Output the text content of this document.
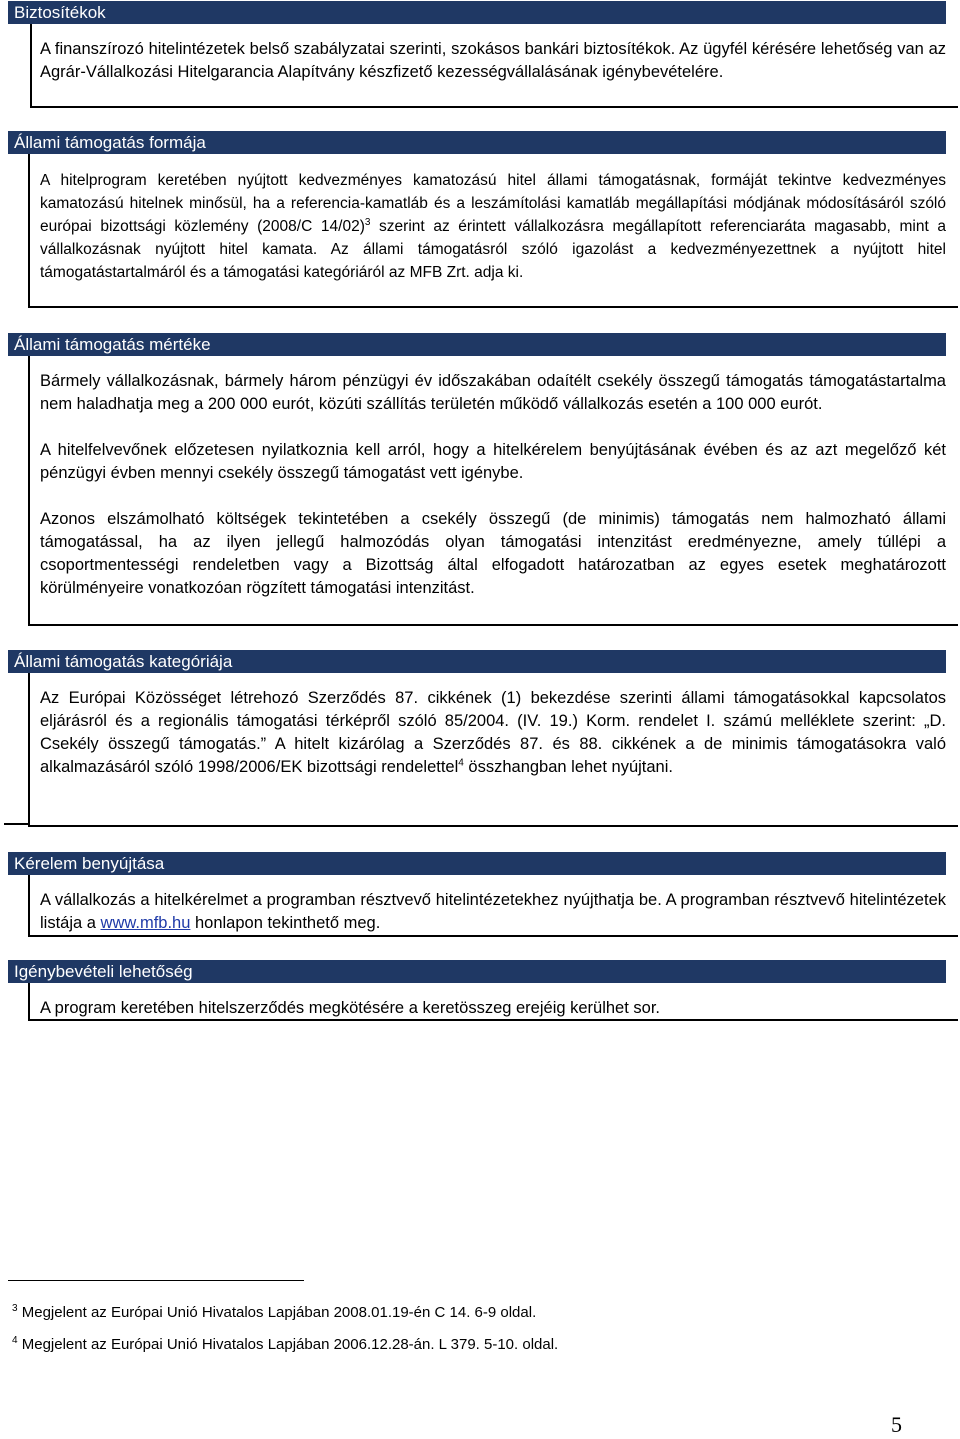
Biztosítékok

A finanszírozó hitelintézetek belső szabályzatai szerinti, szokásos bankári biztosítékok. Az ügyfél kérésére lehetőség van az Agrár-Vállalkozási Hitelgarancia Alapítvány készfizető kezességvállalásának igénybevételére.

Állami támogatás formája

A hitelprogram keretében nyújtott kedvezményes kamatozású hitel állami támogatásnak, formáját tekintve kedvezményes kamatozású hitelnek minősül, ha a referencia-kamatláb és a leszámítolási kamatláb megállapítási módjának módosításáról szóló európai bizottsági közlemény (2008/C 14/02)$^3$ szerint az érintett vállalkozásra megállapított referenciaráta magasabb, mint a vállalkozásnak nyújtott hitel kamata. Az állami támogatásról szóló igazolást a kedvezményezettnek a nyújtott hitel támogatástartalmáról és a támogatási kategóriáról az MFB Zrt. adja ki.

Állami támogatás mértéke

Bármely vállalkozásnak, bármely három pénzügyi év időszakában odaítélt csekély összegű támogatás támogatástartalma nem haladhatja meg a 200 000 eurót, közúti szállítás területén működő vállalkozás esetén a 100 000 eurót.

A hitelfelvevőnek előzetesen nyilatkoznia kell arról, hogy a hitelkérelem benyújtásának évében és az azt megelőző két pénzügyi évben mennyi csekély összegű támogatást vett igénybe.

Azonos elszámolható költségek tekintetében a csekély összegű (de minimis) támogatás nem halmozható állami támogatással, ha az ilyen jellegű halmozódás olyan támogatási intenzitást eredményezne, amely túllépi a csoportmentességi rendeletben vagy a Bizottság által elfogadott határozatban az egyes esetek meghatározott körülményeire vonatkozóan rögzített támogatási intenzitást.

Állami támogatás kategóriája

Az Európai Közösséget létrehozó Szerződés 87. cikkének (1) bekezdése szerinti állami támogatásokkal kapcsolatos eljárásról és a regionális támogatási térképről szóló 85/2004. (IV. 19.) Korm. rendelet I. számú melléklete szerint: „D. Csekély összegű támogatás.” A hitelt kizárólag a Szerződés 87. és 88. cikkének a de minimis támogatásokra való alkalmazásáról szóló 1998/2006/EK bizottsági rendelettel$^4$ összhangban lehet nyújtani.

Kérelem benyújtása

A vállalkozás a hitelkérelmet a programban résztvevő hitelintézetekhez nyújthatja be. A programban résztvevő hitelintézetek listája a www.mfb.hu honlapon tekinthető meg.

Igénybevételi lehetőség

A program keretében hitelszerződés megkötésére a keretösszeg erejéig kerülhet sor.

$^3$ Megjelent az Európai Unió Hivatalos Lapjában 2008.01.19-én C 14. 6-9 oldal.

$^4$ Megjelent az Európai Unió Hivatalos Lapjában 2006.12.28-án. L 379. 5-10. oldal.

5
